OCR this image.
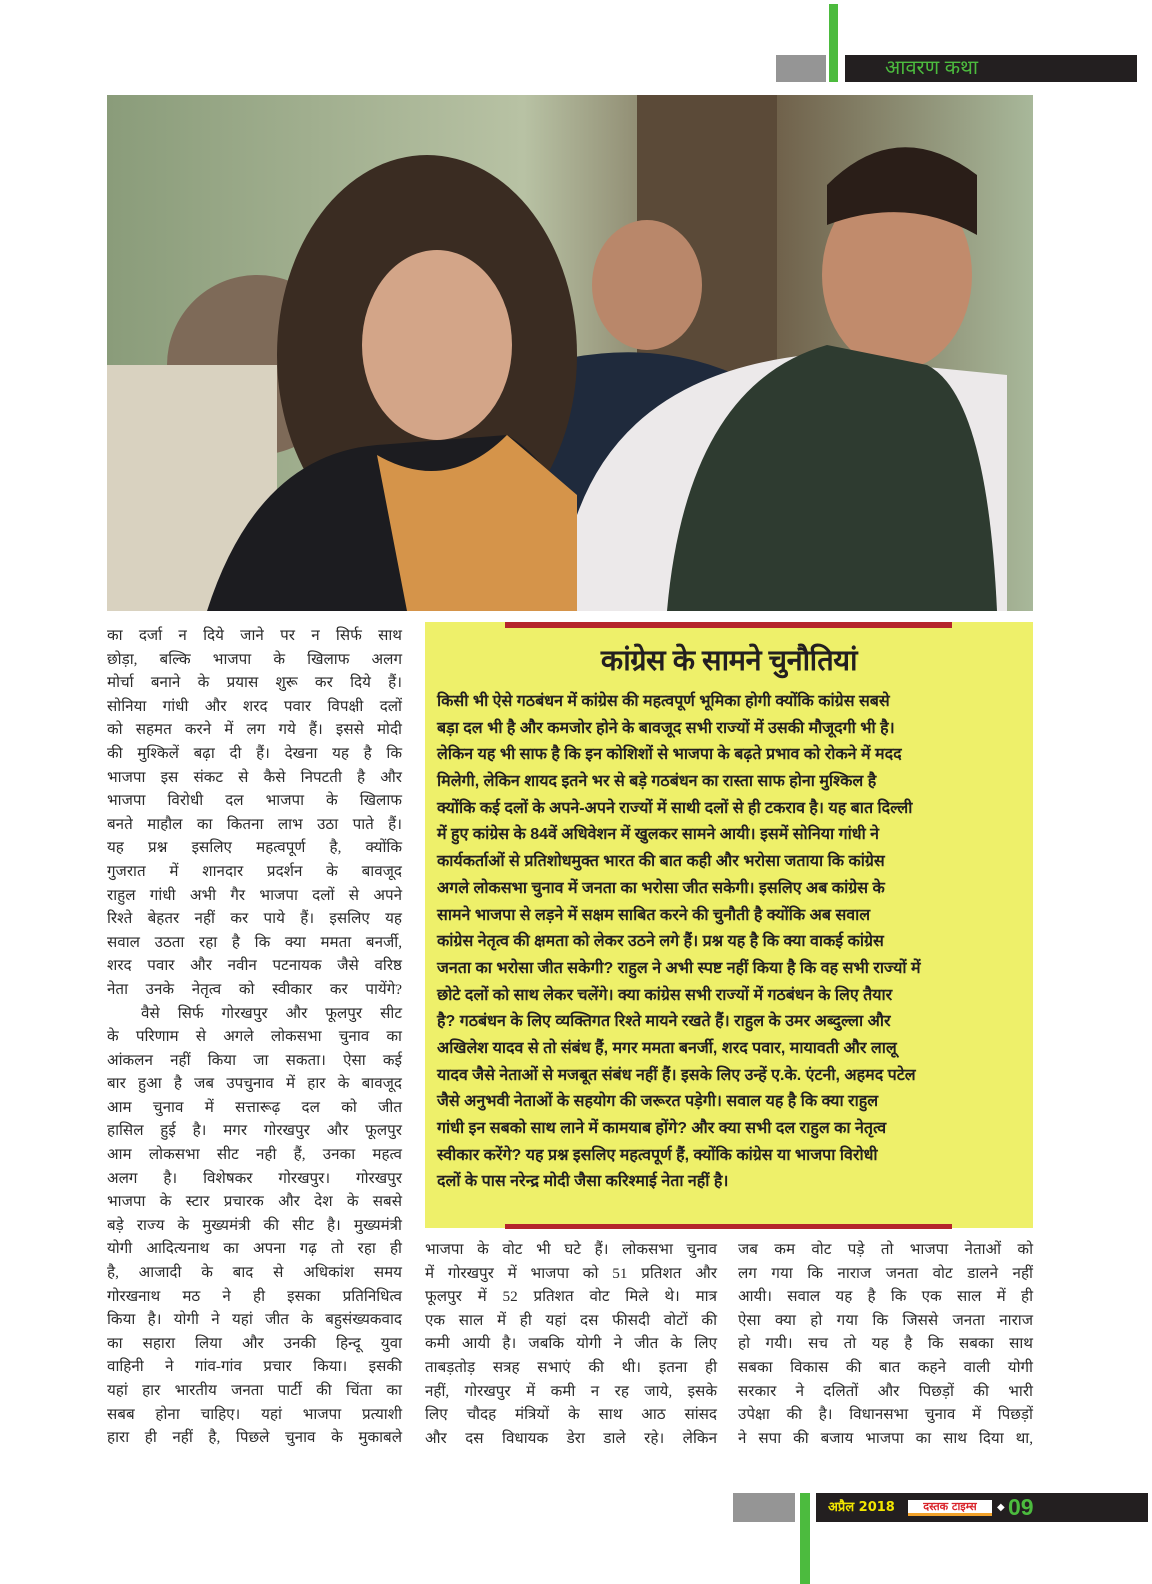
आवरण कथा
का दर्जा न दिये जाने पर न सिर्फ साथ
छोड़ा, बल्कि भाजपा के खिलाफ अलग
मोर्चा बनाने के प्रयास शुरू कर दिये हैं।
सोनिया गांधी और शरद पवार विपक्षी दलों
को सहमत करने में लग गये हैं। इससे मोदी
की मुश्किलें बढ़ा दी हैं। देखना यह है कि
भाजपा इस संकट से कैसे निपटती है और
भाजपा विरोधी दल भाजपा के खिलाफ
बनते माहौल का कितना लाभ उठा पाते हैं।
यह प्रश्न इसलिए महत्वपूर्ण है, क्योंकि
गुजरात में शानदार प्रदर्शन के बावजूद
राहुल गांधी अभी गैर भाजपा दलों से अपने
रिश्ते बेहतर नहीं कर पाये हैं। इसलिए यह
सवाल उठता रहा है कि क्या ममता बनर्जी,
शरद पवार और नवीन पटनायक जैसे वरिष्ठ
नेता उनके नेतृत्व को स्वीकार कर पायेंगे?
वैसे सिर्फ गोरखपुर और फूलपुर सीट
के परिणाम से अगले लोकसभा चुनाव का
आंकलन नहीं किया जा सकता। ऐसा कई
बार हुआ है जब उपचुनाव में हार के बावजूद
आम चुनाव में सत्तारूढ़ दल को जीत
हासिल हुई है। मगर गोरखपुर और फूलपुर
आम लोकसभा सीट नही हैं, उनका महत्व
अलग है। विशेषकर गोरखपुर। गोरखपुर
भाजपा के स्टार प्रचारक और देश के सबसे
बड़े राज्य के मुख्यमंत्री की सीट है। मुख्यमंत्री
योगी आदित्यनाथ का अपना गढ़ तो रहा ही
है, आजादी के बाद से अधिकांश समय
गोरखनाथ मठ ने ही इसका प्रतिनिधित्व
किया है। योगी ने यहां जीत के बहुसंख्यकवाद
का सहारा लिया और उनकी हिन्दू युवा
वाहिनी ने गांव-गांव प्रचार किया। इसकी
यहां हार भारतीय जनता पार्टी की चिंता का
सबब होना चाहिए। यहां भाजपा प्रत्याशी
हारा ही नहीं है, पिछले चुनाव के मुकाबले
कांग्रेस के सामने चुनौतियां
किसी भी ऐसे गठबंधन में कांग्रेस की महत्वपूर्ण भूमिका होगी क्योंकि कांग्रेस सबसे
बड़ा दल भी है और कमजोर होने के बावजूद सभी राज्यों में उसकी मौजूदगी भी है।
लेकिन यह भी साफ है कि इन कोशिशों से भाजपा के बढ़ते प्रभाव को रोकने में मदद
मिलेगी, लेकिन शायद इतने भर से बड़े गठबंधन का रास्ता साफ होना मुश्किल है
क्योंकि कई दलों के अपने-अपने राज्यों में साथी दलों से ही टकराव है। यह बात दिल्ली
में हुए कांग्रेस के 84वें अधिवेशन में खुलकर सामने आयी। इसमें सोनिया गांधी ने
कार्यकर्ताओं से प्रतिशोधमुक्त भारत की बात कही और भरोसा जताया कि कांग्रेस
अगले लोकसभा चुनाव में जनता का भरोसा जीत सकेगी। इसलिए अब कांग्रेस के
सामने भाजपा से लड़ने में सक्षम साबित करने की चुनौती है क्योंकि अब सवाल
कांग्रेस नेतृत्व की क्षमता को लेकर उठने लगे हैं। प्रश्न यह है कि क्या वाकई कांग्रेस
जनता का भरोसा जीत सकेगी? राहुल ने अभी स्पष्ट नहीं किया है कि वह सभी राज्यों में
छोटे दलों को साथ लेकर चलेंगे। क्या कांग्रेस सभी राज्यों में गठबंधन के लिए तैयार
है? गठबंधन के लिए व्यक्तिगत रिश्ते मायने रखते हैं। राहुल के उमर अब्दुल्ला और
अखिलेश यादव से तो संबंध हैं, मगर ममता बनर्जी, शरद पवार, मायावती और लालू
यादव जैसे नेताओं से मजबूत संबंध नहीं हैं। इसके लिए उन्हें ए.के. एंटनी, अहमद पटेल
जैसे अनुभवी नेताओं के सहयोग की जरूरत पड़ेगी। सवाल यह है कि क्या राहुल
गांधी इन सबको साथ लाने में कामयाब होंगे? और क्या सभी दल राहुल का नेतृत्व
स्वीकार करेंगे? यह प्रश्न इसलिए महत्वपूर्ण हैं, क्योंकि कांग्रेस या भाजपा विरोधी
दलों के पास नरेन्द्र मोदी जैसा करिश्माई नेता नहीं है।
भाजपा के वोट भी घटे हैं। लोकसभा चुनाव
में गोरखपुर में भाजपा को 51 प्रतिशत और
फूलपुर में 52 प्रतिशत वोट मिले थे। मात्र
एक साल में ही यहां दस फीसदी वोटों की
कमी आयी है। जबकि योगी ने जीत के लिए
ताबड़तोड़ सत्रह सभाएं की थी। इतना ही
नहीं, गोरखपुर में कमी न रह जाये, इसके
लिए चौदह मंत्रियों के साथ आठ सांसद
और दस विधायक डेरा डाले रहे। लेकिन
जब कम वोट पड़े तो भाजपा नेताओं को
लग गया कि नाराज जनता वोट डालने नहीं
आयी। सवाल यह है कि एक साल में ही
ऐसा क्या हो गया कि जिससे जनता नाराज
हो गयी। सच तो यह है कि सबका साथ
सबका विकास की बात कहने वाली योगी
सरकार ने दलितों और पिछड़ों की भारी
उपेक्षा की है। विधानसभा चुनाव में पिछड़ों
ने सपा की बजाय भाजपा का साथ दिया था,
अप्रैल 2018	दस्तक टाइम्स	◆ 09
